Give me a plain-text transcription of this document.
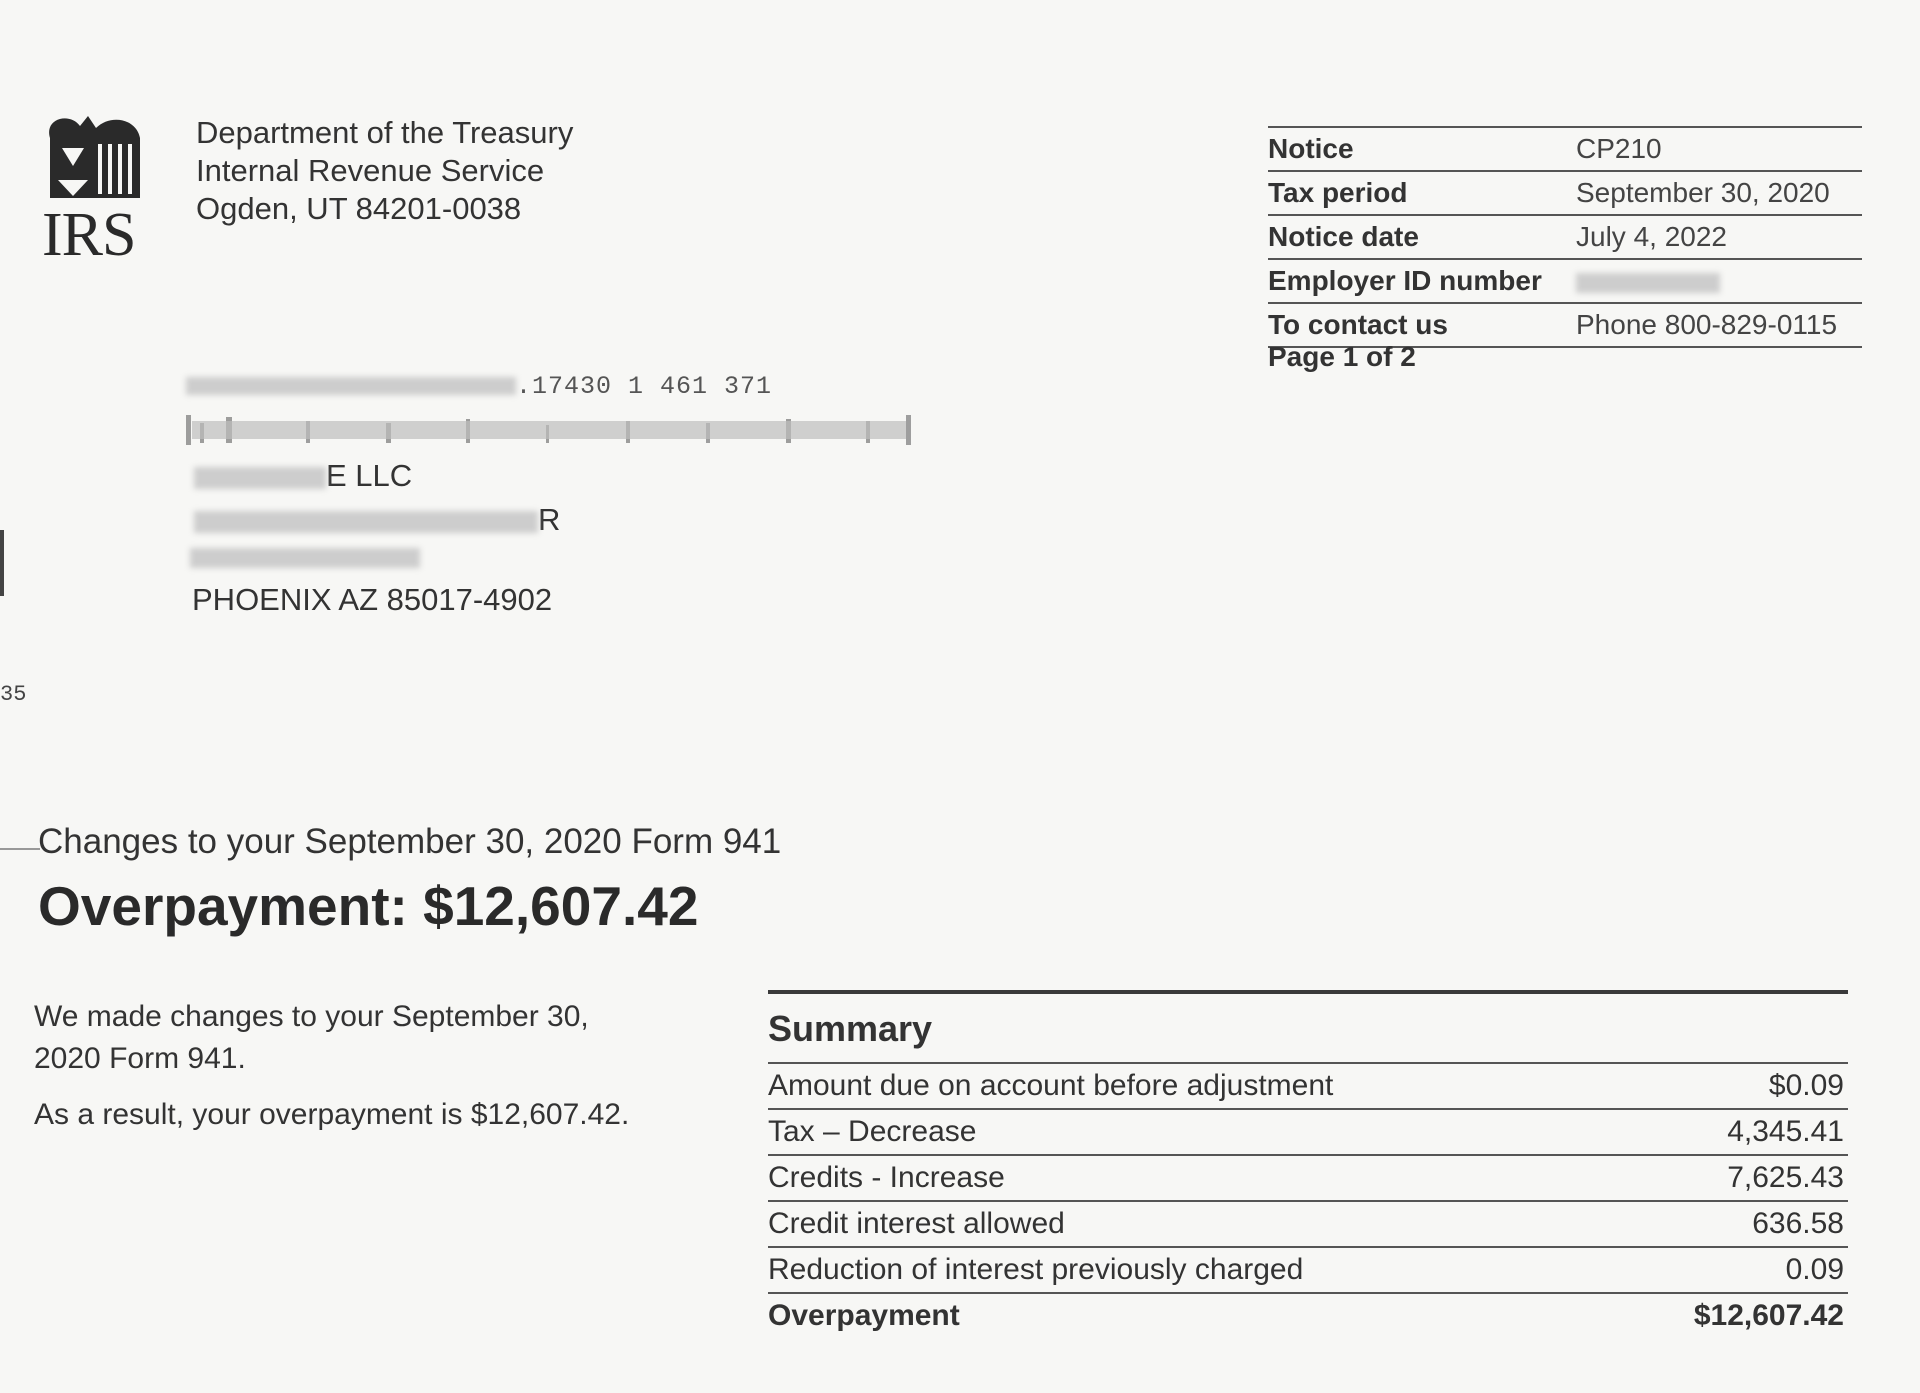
IRS
Department of the Treasury
Internal Revenue Service
Ogden, UT 84201-0038
Notice	CP210
Tax period	September 30, 2020
Notice date	July 4, 2022
Employer ID number
To contact us	Phone 800-829-0115
Page 1 of 2
.17430 1 461 371
E LLC
R
PHOENIX AZ 85017-4902
35
Changes to your September 30, 2020 Form 941
Overpayment: $12,607.42

We made changes to your September 30, 2020 Form 941.

As a result, your overpayment is $12,607.42.

Summary
Amount due on account before adjustment	$0.09
Tax – Decrease	4,345.41
Credits - Increase	7,625.43
Credit interest allowed	636.58
Reduction of interest previously charged	0.09
Overpayment	$12,607.42
